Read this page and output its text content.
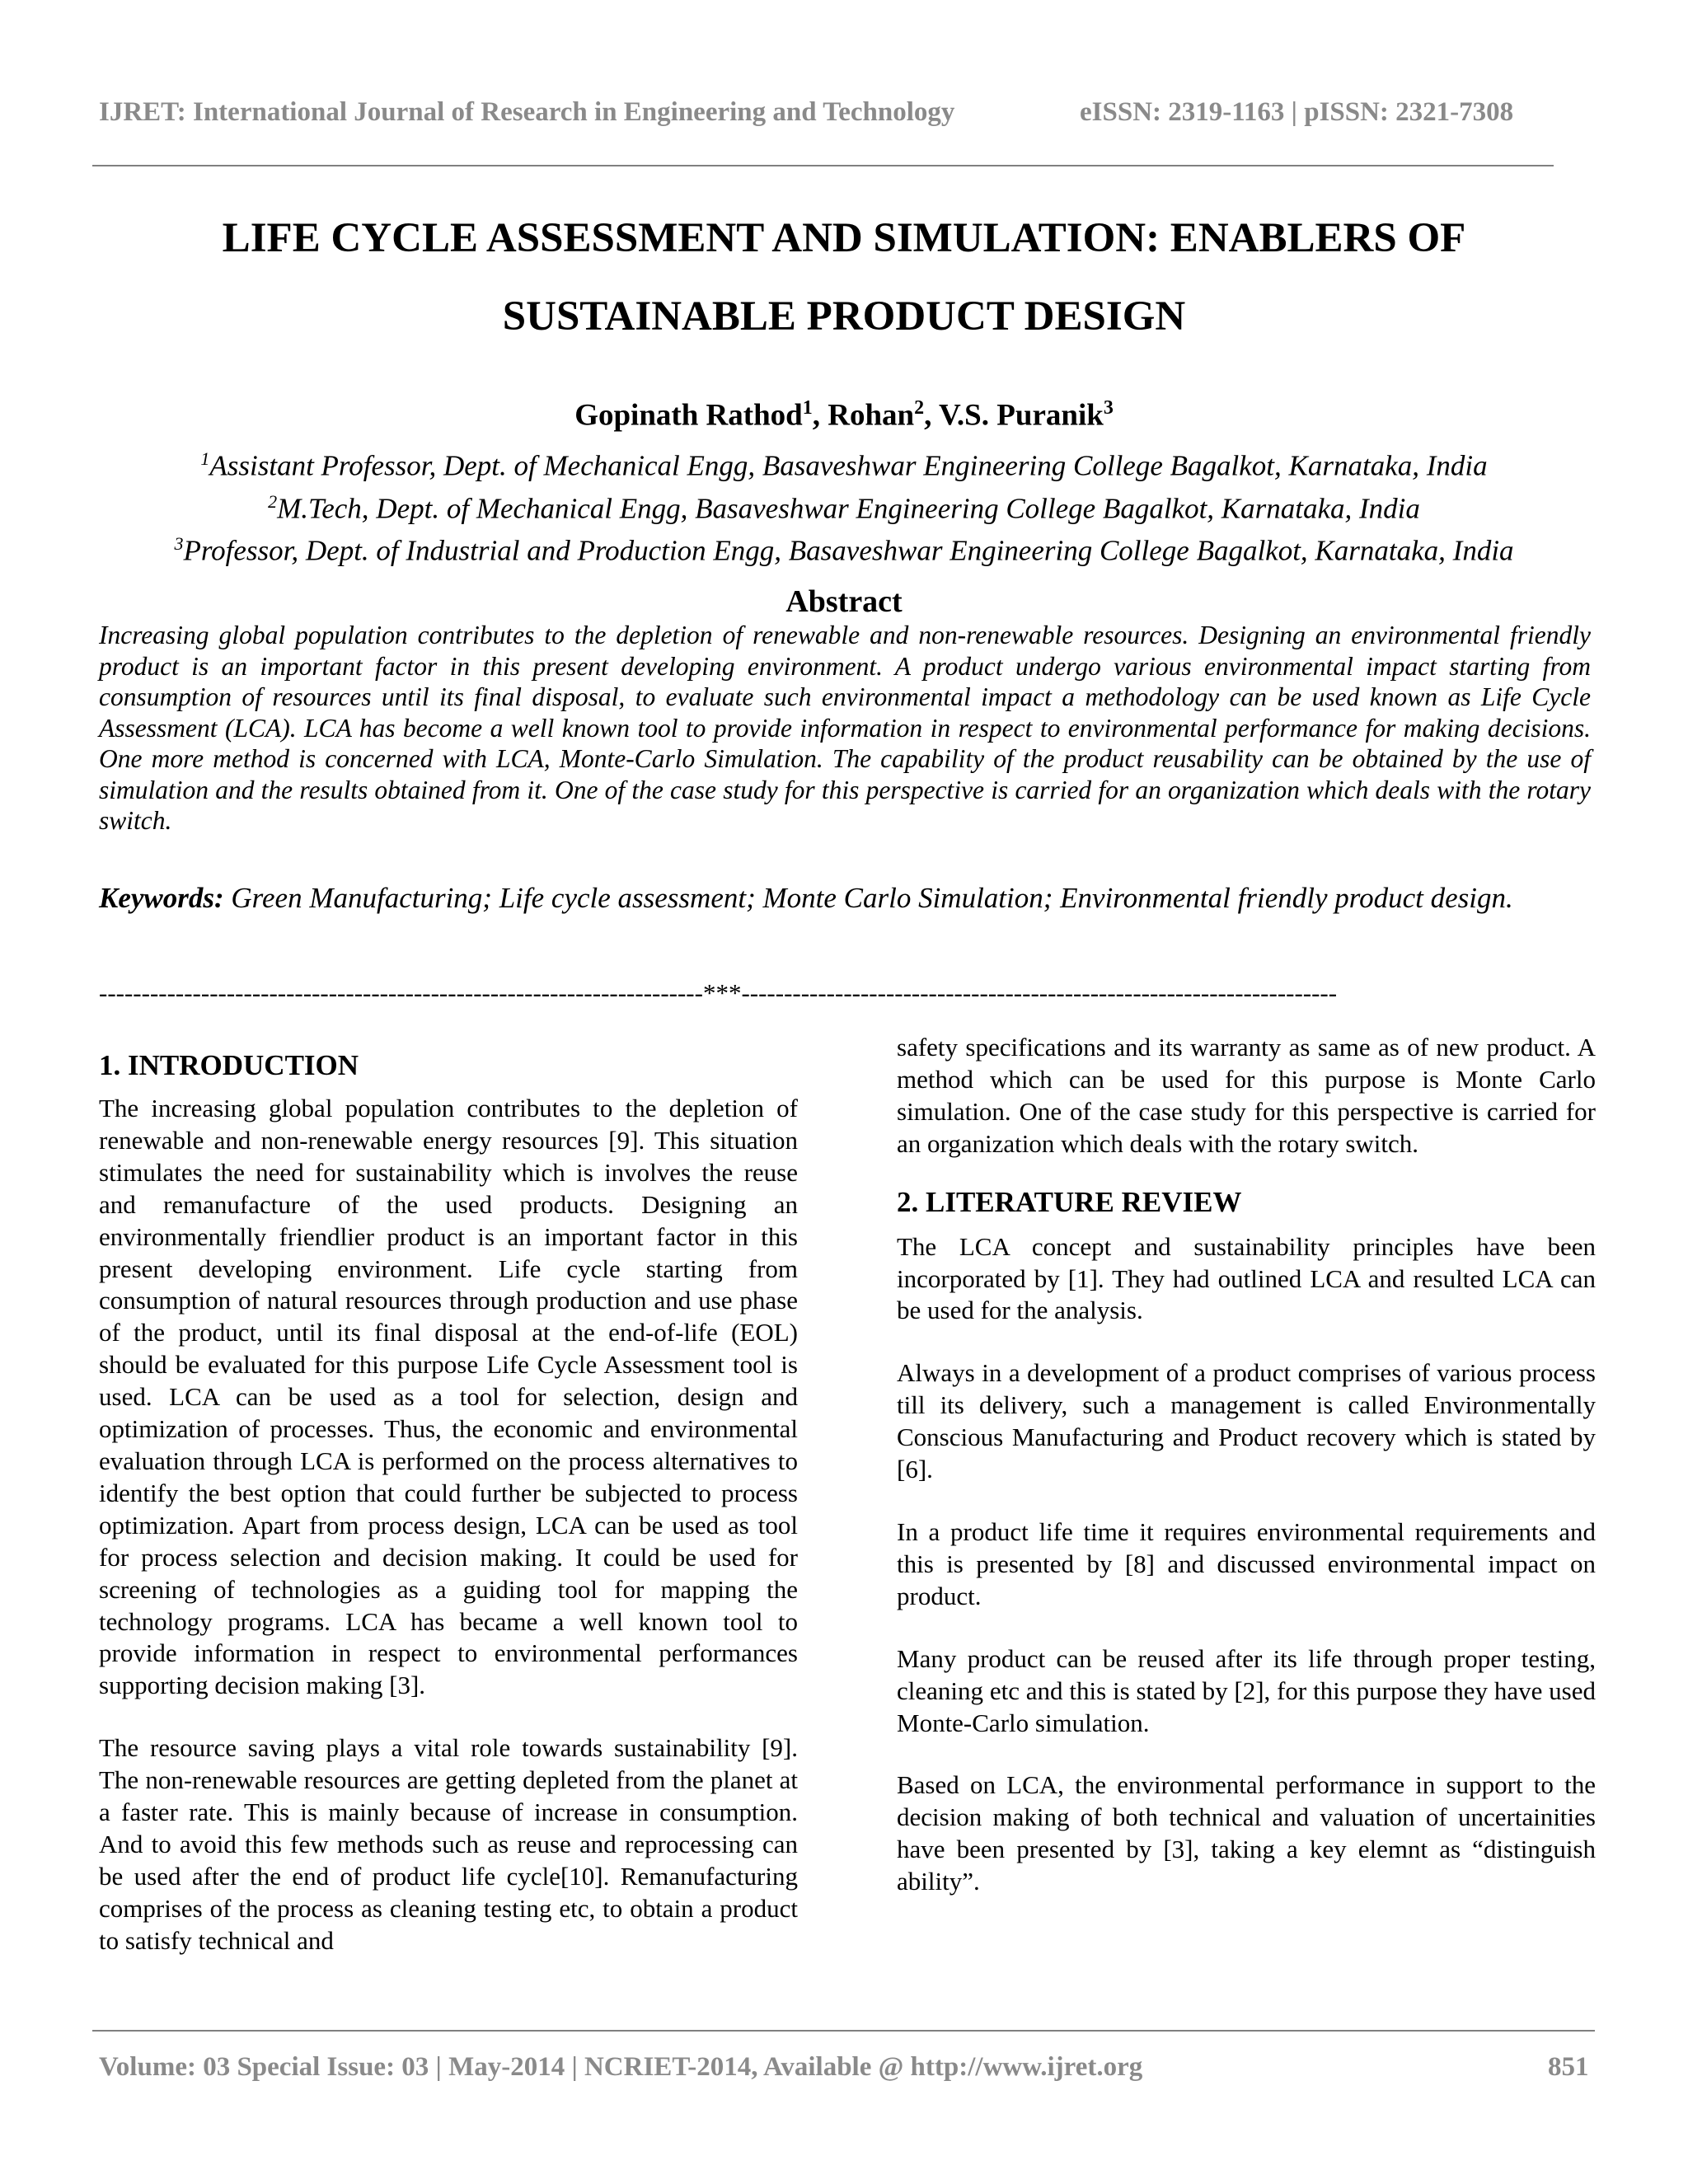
IJRET: International Journal of Research in Engineering and Technology	eISSN: 2319-1163 | pISSN: 2321-7308
LIFE CYCLE ASSESSMENT AND SIMULATION: ENABLERS OF
SUSTAINABLE PRODUCT DESIGN
Gopinath Rathod$^1$, Rohan$^2$, V.S. Puranik$^3$
$^1$Assistant Professor, Dept. of Mechanical Engg, Basaveshwar Engineering College Bagalkot, Karnataka, India
$^2$M.Tech, Dept. of Mechanical Engg, Basaveshwar Engineering College Bagalkot, Karnataka, India
$^3$Professor, Dept. of Industrial and Production Engg, Basaveshwar Engineering College Bagalkot, Karnataka, India
Abstract
Increasing global population contributes to the depletion of renewable and non-renewable resources. Designing an environmental friendly product is an important factor in this present developing environment. A product undergo various environmental impact starting from consumption of resources until its final disposal, to evaluate such environmental impact a methodology can be used known as Life Cycle Assessment (LCA). LCA has become a well known tool to provide information in respect to environmental performance for making decisions. One more method is concerned with LCA, Monte-Carlo Simulation. The capability of the product reusability can be obtained by the use of simulation and the results obtained from it. One of the case study for this perspective is carried for an organization which deals with the rotary switch.
Keywords: Green Manufacturing; Life cycle assessment; Monte Carlo Simulation; Environmental friendly product design.
-----------------------------------------------------------------------***----------------------------------------------------------------------
1. INTRODUCTION
The increasing global population contributes to the depletion of renewable and non-renewable energy resources [9]. This situation stimulates the need for sustainability which is involves the reuse and remanufacture of the used products. Designing an environmentally friendlier product is an important factor in this present developing environment. Life cycle starting from consumption of natural resources through production and use phase of the product, until its final disposal at the end-of-life (EOL) should be evaluated for this purpose Life Cycle Assessment tool is used. LCA can be used as a tool for selection, design and optimization of processes. Thus, the economic and environmental evaluation through LCA is performed on the process alternatives to identify the best option that could further be subjected to process optimization. Apart from process design, LCA can be used as tool for process selection and decision making. It could be used for screening of technologies as a guiding tool for mapping the technology programs. LCA has became a well known tool to provide information in respect to environmental performances supporting decision making [3].
The resource saving plays a vital role towards sustainability [9]. The non-renewable resources are getting depleted from the planet at a faster rate. This is mainly because of increase in consumption. And to avoid this few methods such as reuse and reprocessing can be used after the end of product life cycle[10]. Remanufacturing comprises of the process as cleaning testing etc, to obtain a product to satisfy technical and
safety specifications and its warranty as same as of new product. A method which can be used for this purpose is Monte Carlo simulation. One of the case study for this perspective is carried for an organization which deals with the rotary switch.
2. LITERATURE REVIEW
The LCA concept and sustainability principles have been incorporated by [1]. They had outlined LCA and resulted LCA can be used for the analysis.
Always in a development of a product comprises of various process till its delivery, such a management is called Environmentally Conscious Manufacturing and Product recovery which is stated by [6].
In a product life time it requires environmental requirements and this is presented by [8] and discussed environmental impact on product.
Many product can be reused after its life through proper testing, cleaning etc and this is stated by [2], for this purpose they have used Monte-Carlo simulation.
Based on LCA, the environmental performance in support to the decision making of both technical and valuation of uncertainities have been presented by [3], taking a key elemnt as “distinguish ability”.
Volume: 03 Special Issue: 03 | May-2014 | NCRIET-2014, Available @ http://www.ijret.org	851
